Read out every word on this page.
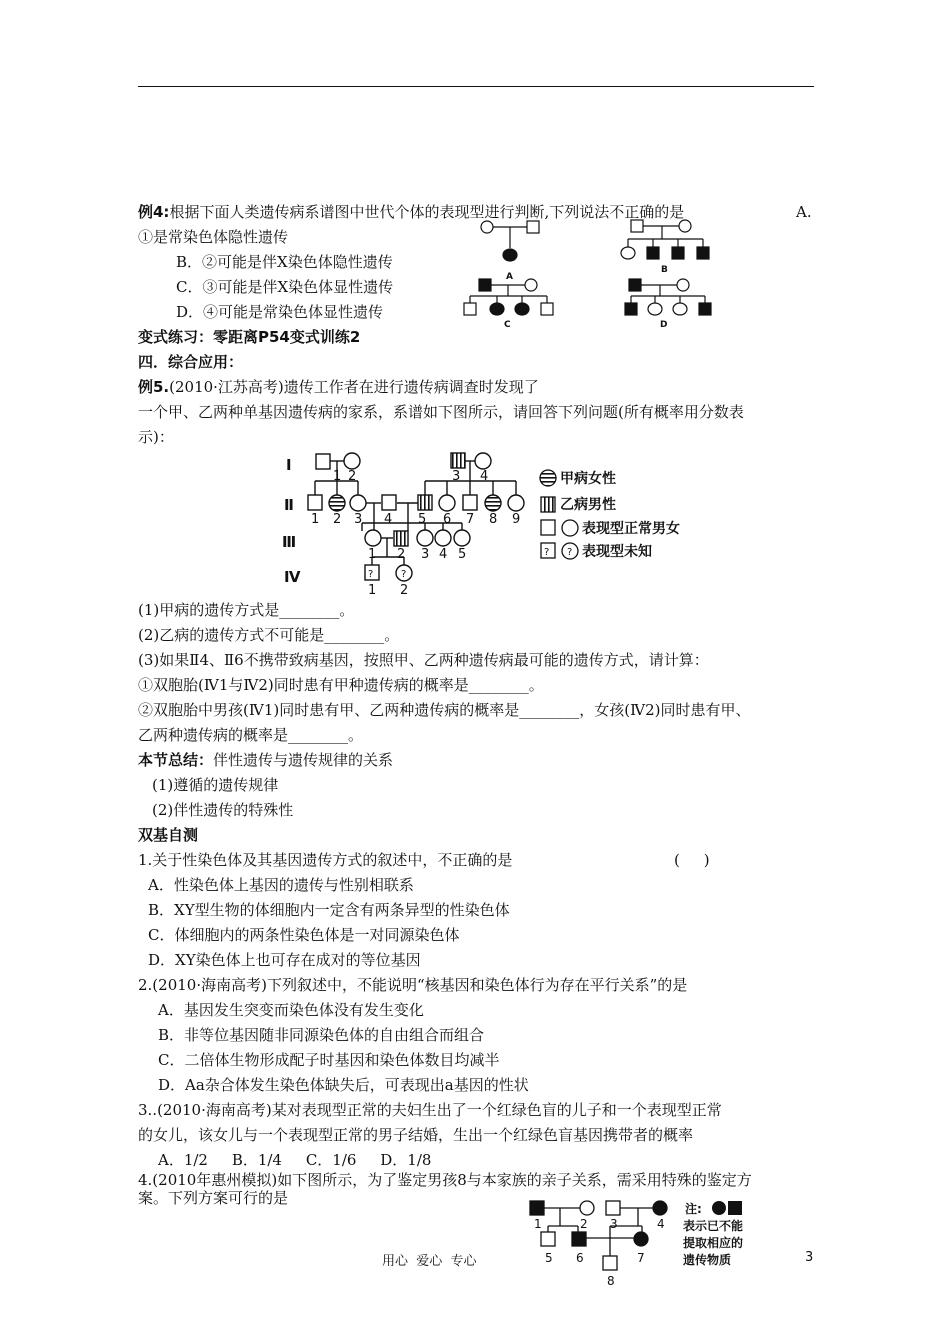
例4:根据下面人类遗传病系谱图中世代个体的表现型进行判断,下列说法不正确的是	A.
①是常染色体隐性遗传
B．②可能是伴X染色体隐性遗传
C．③可能是伴X染色体显性遗传
D．④可能是常染色体显性遗传
A
B
C	D
变式练习：零距离P54变式训练2
四．综合应用：
例5.(2010·江苏高考)遗传工作者在进行遗传病调查时发现了
一个甲、乙两种单基因遗传病的家系，系谱如下图所示，请回答下列问题(所有概率用分数表
示)：
Ⅰ
Ⅱ
Ⅲ
Ⅳ	?	?
1 2	3 4
1 2 3 4 5 6 7 8 9
1 2 3 4 5
1 2
? ?
甲病女性
乙病男性
表现型正常男女
表现型未知
(1)甲病的遗传方式是________。
(2)乙病的遗传方式不可能是________。
(3)如果Ⅱ4、Ⅱ6不携带致病基因，按照甲、乙两种遗传病最可能的遗传方式，请计算：
①双胞胎(Ⅳ1与Ⅳ2)同时患有甲种遗传病的概率是________。
②双胞胎中男孩(Ⅳ1)同时患有甲、乙两种遗传病的概率是________，女孩(Ⅳ2)同时患有甲、
乙两种遗传病的概率是________。
本节总结：伴性遗传与遗传规律的关系
(1)遵循的遗传规律
(2)伴性遗传的特殊性
双基自测
1.关于性染色体及其基因遗传方式的叙述中，不正确的是	(     )
A．性染色体上基因的遗传与性别相联系
B．XY型生物的体细胞内一定含有两条异型的性染色体
C．体细胞内的两条性染色体是一对同源染色体
D．XY染色体上也可存在成对的等位基因
2.(2010·海南高考)下列叙述中，不能说明“核基因和染色体行为存在平行关系”的是
A．基因发生突变而染色体没有发生变化
B．非等位基因随非同源染色体的自由组合而组合
C．二倍体生物形成配子时基因和染色体数目均减半
D．Aa杂合体发生染色体缺失后，可表现出a基因的性状
3..(2010·海南高考)某对表现型正常的夫妇生出了一个红绿色盲的儿子和一个表现型正常
的女儿，该女儿与一个表现型正常的男子结婚，生出一个红绿色盲基因携带者的概率
A．1/2     B．1/4     C．1/6     D．1/8
4.(2010年惠州模拟)如下图所示，为了鉴定男孩8与本家族的亲子关系，需采用特殊的鉴定方
案。下列方案可行的是
1	2 3	4
5 6	7
8
注:
表示已不能
提取相应的
遗传物质
用心  爱心  专心	3
